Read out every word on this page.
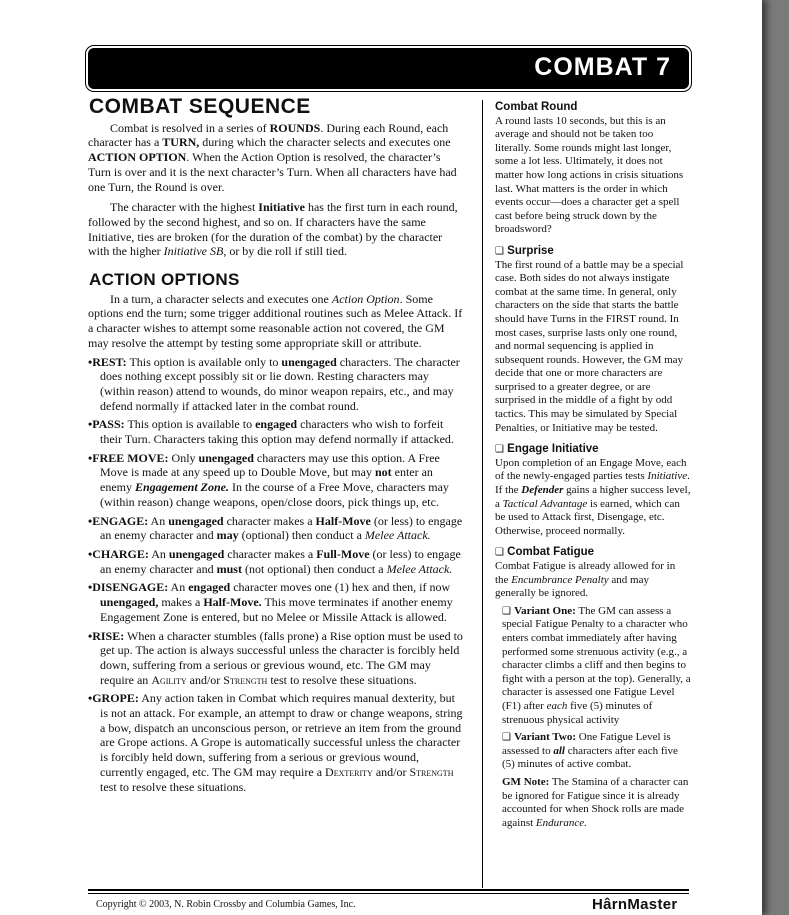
COMBAT 7
COMBAT SEQUENCE

Combat is resolved in a series of ROUNDS. During each Round, each character has a TURN, during which the character selects and executes one ACTION OPTION. When the Action Option is resolved, the character’s Turn is over and it is the next character’s Turn. When all characters have had one Turn, the Round is over.

The character with the highest Initiative has the first turn in each round, followed by the second highest, and so on. If characters have the same Initiative, ties are broken (for the duration of the combat) by the character with the higher Initiative SB, or by die roll if still tied.

ACTION OPTIONS

In a turn, a character selects and executes one Action Option. Some options end the turn; some trigger additional routines such as Melee Attack. If a character wishes to attempt some reasonable action not covered, the GM may resolve the attempt by testing some appropriate skill or attribute.

•REST: This option is available only to unengaged characters. The character does nothing except possibly sit or lie down. Resting characters may (within reason) attend to wounds, do minor weapon repairs, etc., and may defend normally if attacked later in the combat round.

•PASS: This option is available to engaged characters who wish to forfeit their Turn. Characters taking this option may defend normally if attacked.

•FREE MOVE: Only unengaged characters may use this option. A Free Move is made at any speed up to Double Move, but may not enter an enemy Engagement Zone. In the course of a Free Move, characters may (within reason) change weapons, open/close doors, pick things up, etc.

•ENGAGE: An unengaged character makes a Half-Move (or less) to engage an enemy character and may (optional) then conduct a Melee Attack.

•CHARGE: An unengaged character makes a Full-Move (or less) to engage an enemy character and must (not optional) then conduct a Melee Attack.

•DISENGAGE: An engaged character moves one (1) hex and then, if now unengaged, makes a Half-Move. This move terminates if another enemy Engagement Zone is entered, but no Melee or Missile Attack is allowed.

•RISE: When a character stumbles (falls prone) a Rise option must be used to get up. The action is always successful unless the character is forcibly held down, suffering from a serious or grevious wound, etc. The GM may require an Agility and/or Strength test to resolve these situations.

•GROPE: Any action taken in Combat which requires manual dexterity, but is not an attack. For example, an attempt to draw or change weapons, string a bow, dispatch an unconscious person, or retrieve an item from the ground are Grope actions. A Grope is automatically successful unless the character is forcibly held down, suffering from a serious or grevious wound, currently engaged, etc. The GM may require a Dexterity and/or Strength test to resolve these situations.

Combat Round

A round lasts 10 seconds, but this is an average and should not be taken too literally. Some rounds might last longer, some a lot less. Ultimately, it does not matter how long actions in crisis situations last. What matters is the order in which events occur—does a character get a spell cast before being struck down by the broadsword?

❑ Surprise

The first round of a battle may be a special case. Both sides do not always instigate combat at the same time. In general, only characters on the side that starts the battle should have Turns in the FIRST round. In most cases, surprise lasts only one round, and normal sequencing is applied in subsequent rounds. However, the GM may decide that one or more characters are surprised to a greater degree, or are surprised in the middle of a fight by odd tactics. This may be simulated by Special Penalties, or Initiative may be tested.

❑ Engage Initiative

Upon completion of an Engage Move, each of the newly-engaged parties tests Initiative. If the Defender gains a higher success level, a Tactical Advantage is earned, which can be used to Attack first, Disengage, etc. Otherwise, proceed normally.

❑ Combat Fatigue

Combat Fatigue is already allowed for in the Encumbrance Penalty and may generally be ignored.

❑ Variant One: The GM can assess a special Fatigue Penalty to a character who enters combat immediately after having performed some strenuous activity (e.g., a character climbs a cliff and then begins to fight with a person at the top). Generally, a character is assessed one Fatigue Level (F1) after each five (5) minutes of strenuous physical activity

❑ Variant Two: One Fatigue Level is assessed to all characters after each five (5) minutes of active combat.

GM Note: The Stamina of a character can be ignored for Fatigue since it is already accounted for when Shock rolls are made against Endurance.

Copyright © 2003, N. Robin Crossby and Columbia Games, Inc.	HârnMaster
